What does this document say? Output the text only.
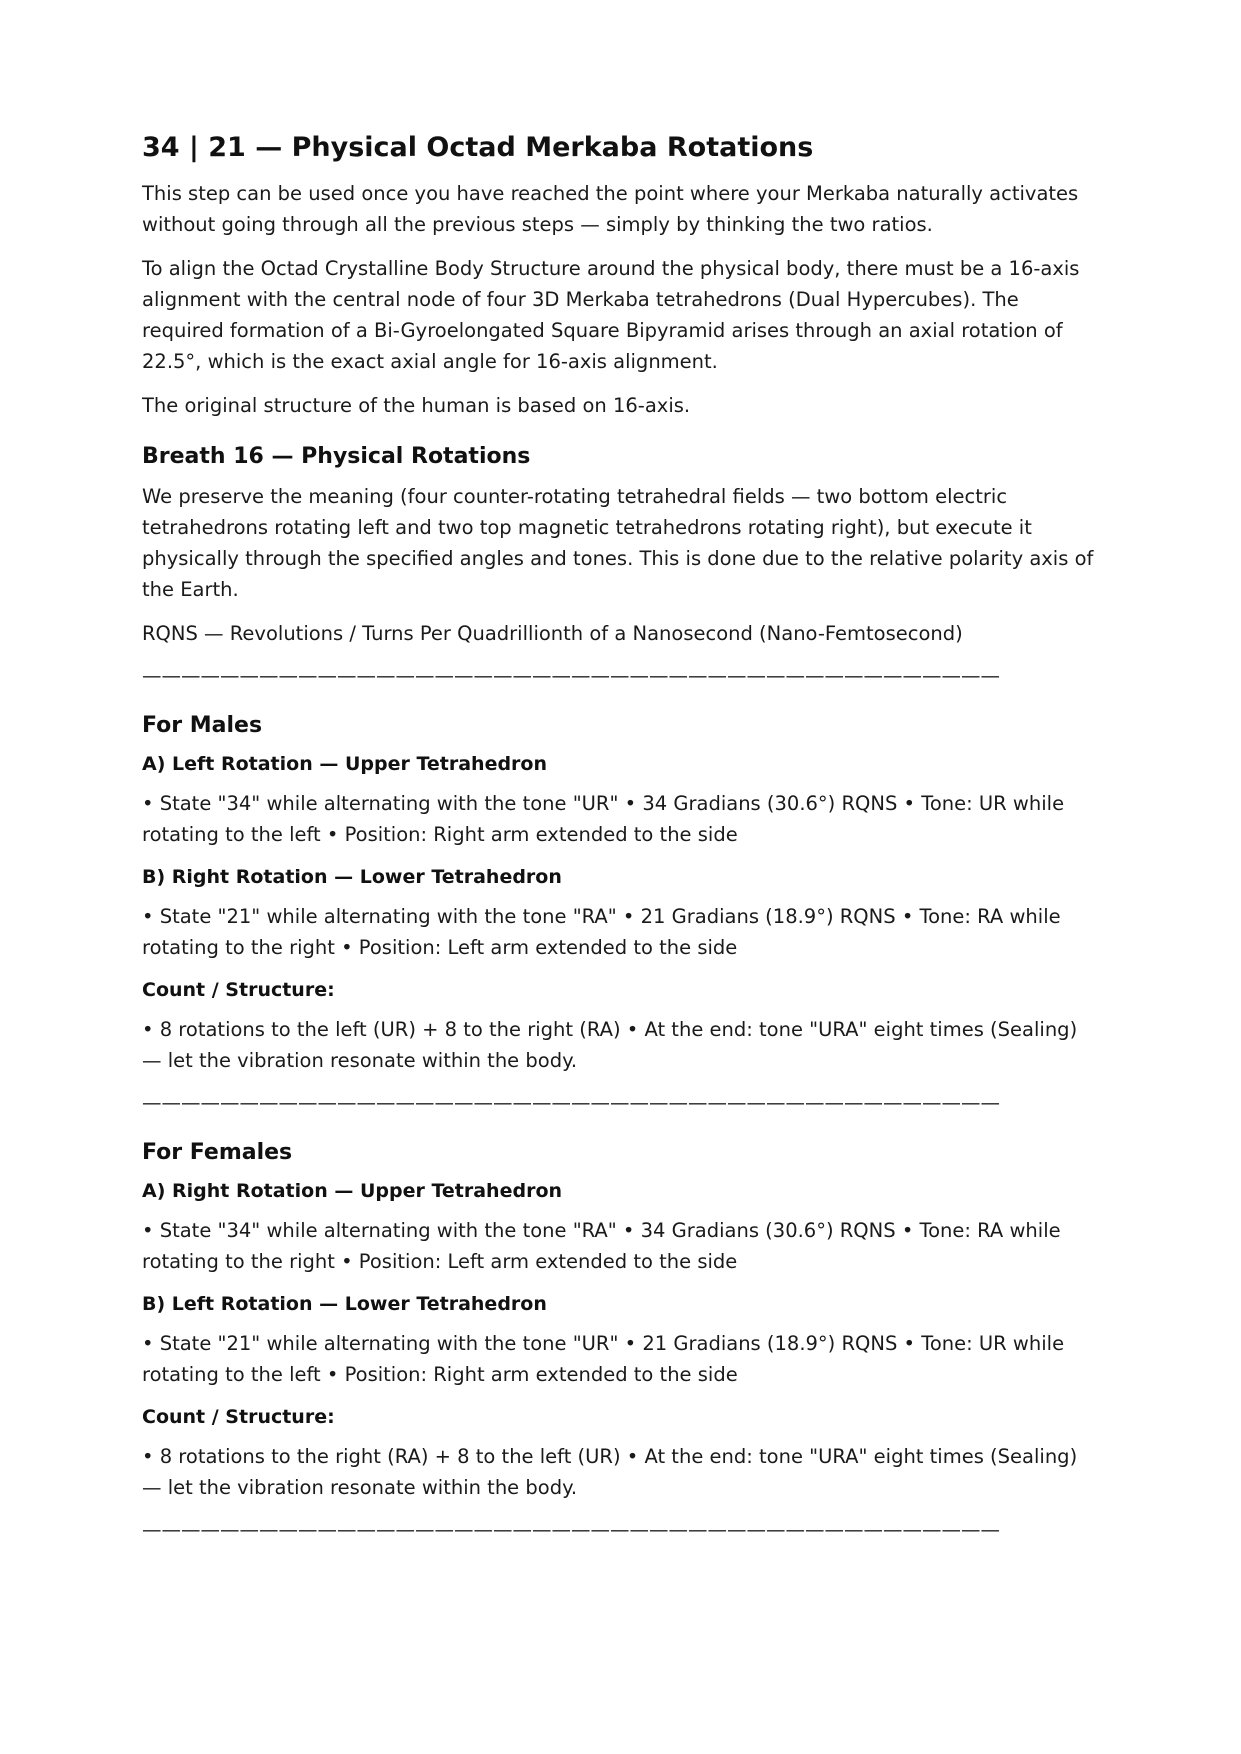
34 | 21 — Physical Octad Merkaba Rotations

This step can be used once you have reached the point where your Merkaba naturally activates without going through all the previous steps — simply by thinking the two ratios.

To align the Octad Crystalline Body Structure around the physical body, there must be a 16-axis alignment with the central node of four 3D Merkaba tetrahedrons (Dual Hypercubes). The required formation of a Bi-Gyroelongated Square Bipyramid arises through an axial rotation of 22.5°, which is the exact axial angle for 16-axis alignment.

The original structure of the human is based on 16-axis.

Breath 16 — Physical Rotations

We preserve the meaning (four counter-rotating tetrahedral fields — two bottom electric tetrahedrons rotating left and two top magnetic tetrahedrons rotating right), but execute it physically through the specified angles and tones. This is done due to the relative polarity axis of the Earth.

RQNS — Revolutions / Turns Per Quadrillionth of a Nanosecond (Nano-Femtosecond)

————————————————————————————————————————————
For Males
A) Left Rotation — Upper Tetrahedron

• State "34" while alternating with the tone "UR" • 34 Gradians (30.6°) RQNS • Tone: UR while rotating to the left • Position: Right arm extended to the side

B) Right Rotation — Lower Tetrahedron

• State "21" while alternating with the tone "RA" • 21 Gradians (18.9°) RQNS • Tone: RA while rotating to the right • Position: Left arm extended to the side

Count / Structure:

• 8 rotations to the left (UR) + 8 to the right (RA) • At the end: tone "URA" eight times (Sealing) — let the vibration resonate within the body.

————————————————————————————————————————————
For Females
A) Right Rotation — Upper Tetrahedron

• State "34" while alternating with the tone "RA" • 34 Gradians (30.6°) RQNS • Tone: RA while rotating to the right • Position: Left arm extended to the side

B) Left Rotation — Lower Tetrahedron

• State "21" while alternating with the tone "UR" • 21 Gradians (18.9°) RQNS • Tone: UR while rotating to the left • Position: Right arm extended to the side

Count / Structure:

• 8 rotations to the right (RA) + 8 to the left (UR) • At the end: tone "URA" eight times (Sealing) — let the vibration resonate within the body.

————————————————————————————————————————————
